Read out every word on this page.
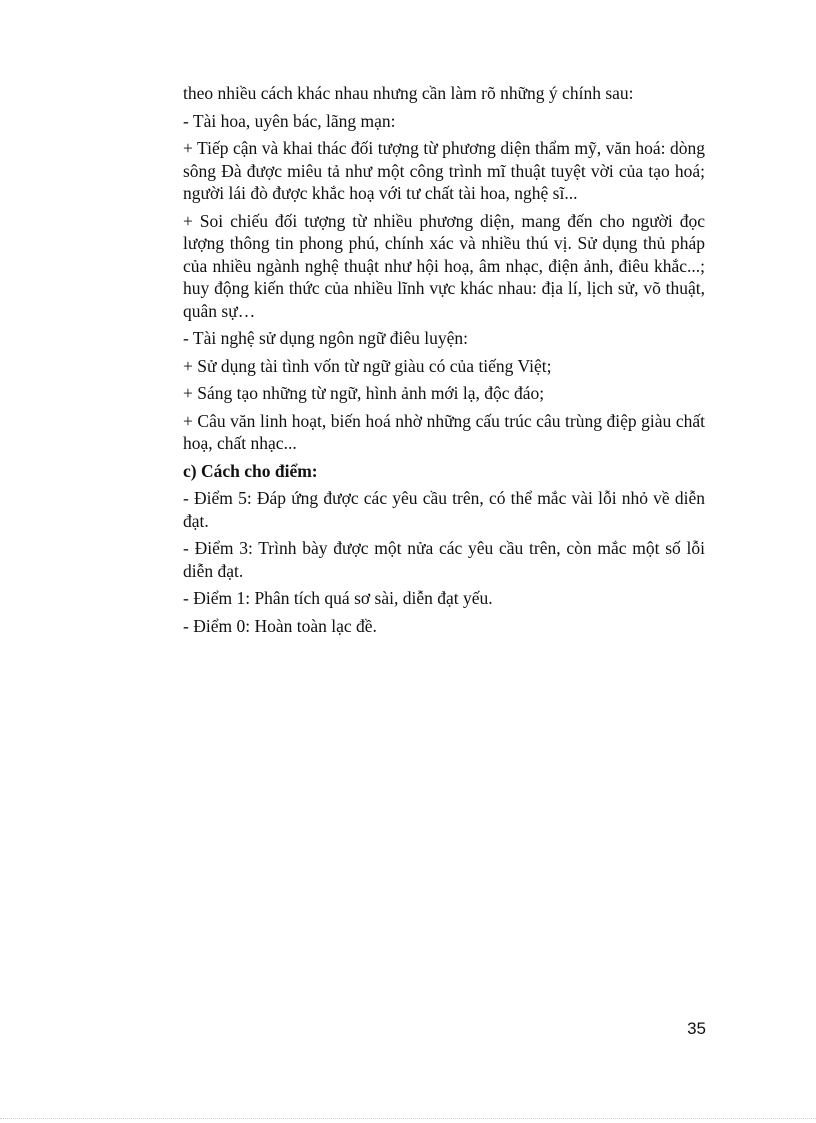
theo nhiều cách khác nhau nhưng cần làm rõ những ý chính sau:

- Tài hoa, uyên bác, lãng mạn:

+ Tiếp cận và khai thác đối tượng từ phương diện thẩm mỹ, văn hoá: dòng sông Đà được miêu tả như một công trình mĩ thuật tuyệt vời của tạo hoá; người lái đò được khắc hoạ với tư chất tài hoa, nghệ sĩ...

+ Soi chiếu đối tượng từ nhiều phương diện, mang đến cho người đọc lượng thông tin phong phú, chính xác và nhiều thú vị. Sử dụng thủ pháp của nhiều ngành nghệ thuật như hội hoạ, âm nhạc, điện ảnh, điêu khắc...; huy động kiến thức của nhiều lĩnh vực khác nhau: địa lí, lịch sử, võ thuật, quân sự…

- Tài nghệ sử dụng ngôn ngữ điêu luyện:

+ Sử dụng tài tình vốn từ ngữ giàu có của tiếng Việt;

+ Sáng tạo những từ ngữ, hình ảnh mới lạ, độc đáo;

+ Câu văn linh hoạt, biến hoá nhờ những cấu trúc câu trùng điệp giàu chất hoạ, chất nhạc...

c) Cách cho điểm:

- Điểm 5: Đáp ứng được các yêu cầu trên, có thể mắc vài lỗi nhỏ về diễn đạt.

- Điểm 3: Trình bày được một nửa các yêu cầu trên, còn mắc một số lỗi diễn đạt.

- Điểm 1: Phân tích quá sơ sài, diễn đạt yếu.

- Điểm 0: Hoàn toàn lạc đề.

35
